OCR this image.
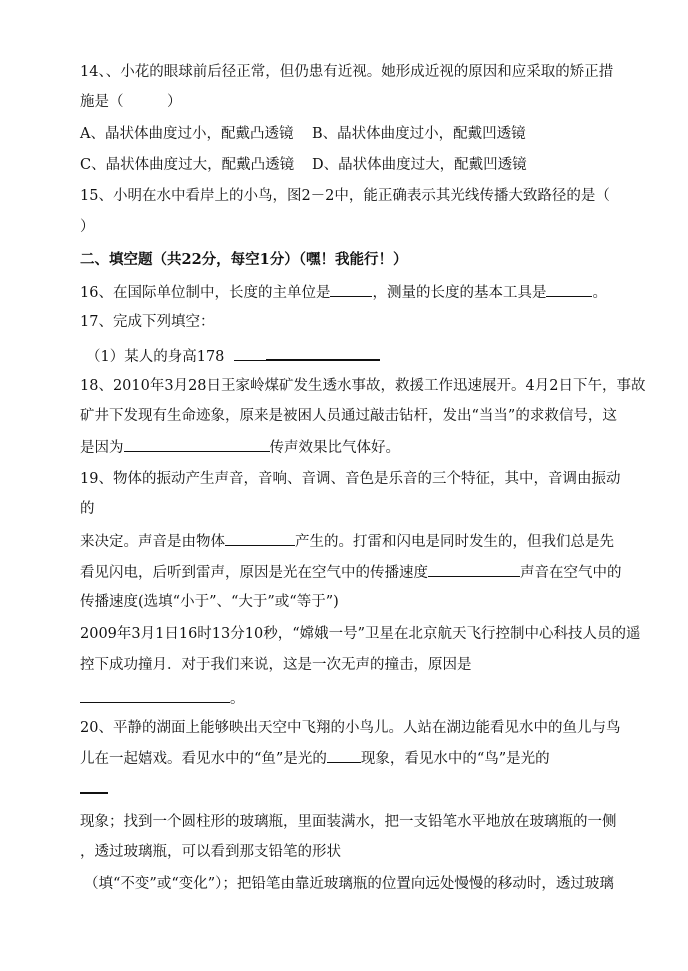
14、、小花的眼球前后径正常，但仍患有近视。她形成近视的原因和应采取的矫正措
施是（　　　）
A、晶状体曲度过小，配戴凸透镜 B、晶状体曲度过小，配戴凹透镜
C、晶状体曲度过大，配戴凸透镜 D、晶状体曲度过大，配戴凹透镜
15、小明在水中看岸上的小鸟，图2－2中，能正确表示其光线传播大致路径的是（
）
二、填空题（共22分，每空1分）（嘿！我能行！）
16、在国际单位制中，长度的主单位是	，测量的长度的基本工具是	。
17、完成下列填空：
（1）某人的身高178
18、2010年3月28日王家岭煤矿发生透水事故，救援工作迅速展开。4月2日下午，事故
矿井下发现有生命迹象，原来是被困人员通过敲击钻杆，发出“当当”的求救信号，这
是因为	传声效果比气体好。
19、物体的振动产生声音，音响、音调、音色是乐音的三个特征，其中，音调由振动
的
来决定。声音是由物体	产生的。打雷和闪电是同时发生的，但我们总是先
看见闪电，后听到雷声，原因是光在空气中的传播速度	声音在空气中的
传播速度(选填“小于”、“大于”或“等于”)
2009年3月1日16时13分10秒，“嫦娥一号”卫星在北京航天飞行控制中心科技人员的遥
控下成功撞月．对于我们来说，这是一次无声的撞击，原因是
。
20、平静的湖面上能够映出天空中飞翔的小鸟儿。人站在湖边能看见水中的鱼儿与鸟
儿在一起嬉戏。看见水中的“鱼”是光的 现象，看见水中的“鸟”是光的
现象；找到一个圆柱形的玻璃瓶，里面装满水，把一支铅笔水平地放在玻璃瓶的一侧
，透过玻璃瓶，可以看到那支铅笔的形状
（填“不变”或“变化”）；把铅笔由靠近玻璃瓶的位置向远处慢慢的移动时，透过玻璃
